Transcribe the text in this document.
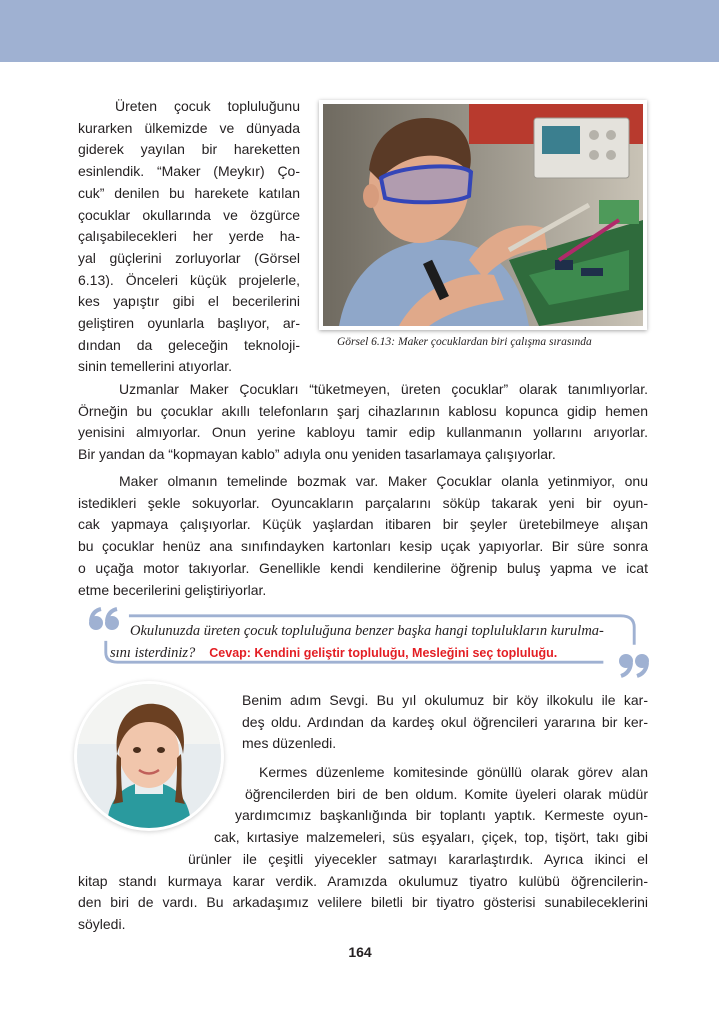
Üreten çocuk topluluğunu
kurarken ülkemizde ve dünyada
giderek yayılan bir hareketten
esinlendik. “Maker (Meykır) Ço-
cuk” denilen bu harekete katılan
çocuklar okullarında ve özgürce
çalışabilecekleri her yerde ha-
yal güçlerini zorluyorlar (Görsel
6.13). Önceleri küçük projelerle,
kes yapıştır gibi el becerilerini
geliştiren oyunlarla başlıyor, ar-
dından da geleceğin teknoloji-
sinin temellerini atıyorlar.
Görsel 6.13: Maker çocuklardan biri çalışma sırasında
Uzmanlar Maker Çocukları “tüketmeyen, üreten çocuklar” olarak tanımlıyorlar.
Örneğin bu çocuklar akıllı telefonların şarj cihazlarının kablosu kopunca gidip hemen
yenisini almıyorlar. Onun yerine kabloyu tamir edip kullanmanın yollarını arıyorlar.
Bir yandan da “kopmayan kablo” adıyla onu yeniden tasarlamaya çalışıyorlar.
Maker olmanın temelinde bozmak var. Maker Çocuklar olanla yetinmiyor, onu
istedikleri şekle sokuyorlar. Oyuncakların parçalarını söküp takarak yeni bir oyun-
cak yapmaya çalışıyorlar. Küçük yaşlardan itibaren bir şeyler üretebilmeye alışan
bu çocuklar henüz ana sınıfındayken kartonları kesip uçak yapıyorlar. Bir süre sonra
o uçağa motor takıyorlar. Genellikle kendi kendilerine öğrenip buluş yapma ve icat
etme becerilerini geliştiriyorlar.

Okulunuzda üreten çocuk topluluğuna benzer başka hangi toplulukların kurulma-
sını isterdiniz? Cevap: Kendini geliştir topluluğu, Mesleğini seç topluluğu.

Benim adım Sevgi. Bu yıl okulumuz bir köy ilkokulu ile kar-
deş oldu. Ardından da kardeş okul öğrencileri yararına bir ker-
mes düzenledi.
Kermes düzenleme komitesinde gönüllü olarak görev alan
öğrencilerden biri de ben oldum. Komite üyeleri olarak müdür
yardımcımız başkanlığında bir toplantı yaptık. Kermeste oyun-
cak, kırtasiye malzemeleri, süs eşyaları, çiçek, top, tişört, takı gibi
ürünler ile çeşitli yiyecekler satmayı kararlaştırdık. Ayrıca ikinci el
kitap standı kurmaya karar verdik. Aramızda okulumuz tiyatro kulübü öğrencilerin-
den biri de vardı. Bu arkadaşımız velilere biletli bir tiyatro gösterisi sunabileceklerini
söyledi.
164
